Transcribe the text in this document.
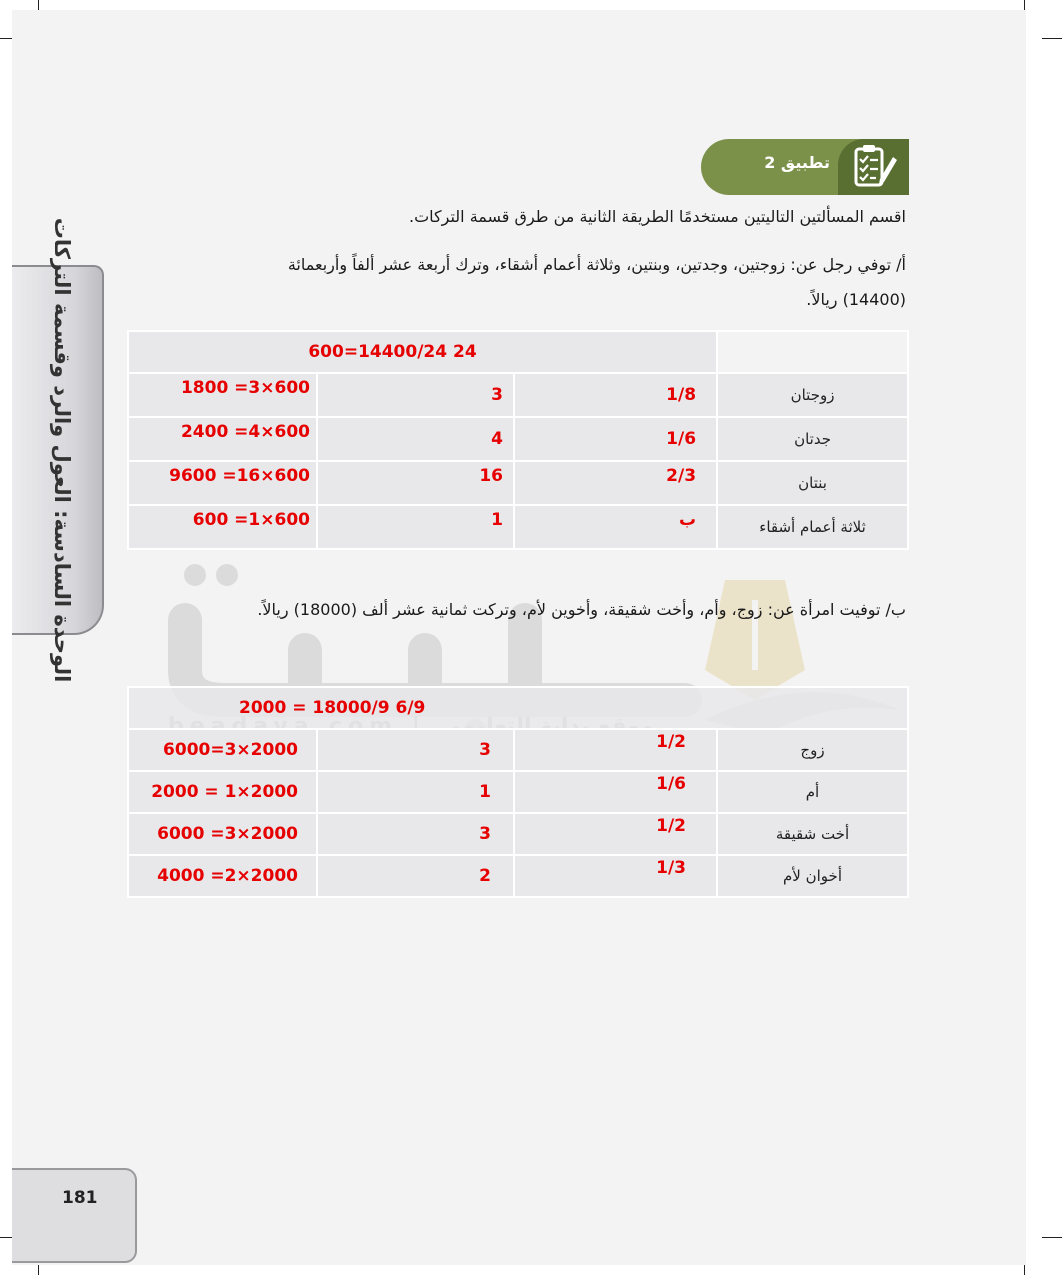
الوحدة السادسة: العول والرد وقسمة التركات
تطبيق 2
اقسم المسألتين التاليتين مستخدمًا الطريقة الثانية من طرق قسمة التركات.
أ/ توفي رجل عن: زوجتين، وجدتين، وبنتين، وثلاثة أعمام أشقاء، وترك أربعة عشر ألفاً وأربعمائة
(14400) ريالاً.
600=14400/24 24			
1800 =3×600	3	1/8	زوجتان
2400 =4×600	4	1/6	جدتان
9600 =16×600	16	2/3	بنتان
600 =1×600	1	ب	ثلاثة أعمام أشقاء
ب/ توفيت امرأة عن: زوج، وأم، وأخت شقيقة، وأخوين لأم، وتركت ثمانية عشر ألف (18000) ريالاً.
2000 = 18000/9 6/9			
6000=3×2000	3	1/2	زوج
2000 = 1×2000	1	1/6	أم
6000 =3×2000	3	1/2	أخت شقيقة
4000 =2×2000	2	1/3	أخوان لأم
181
